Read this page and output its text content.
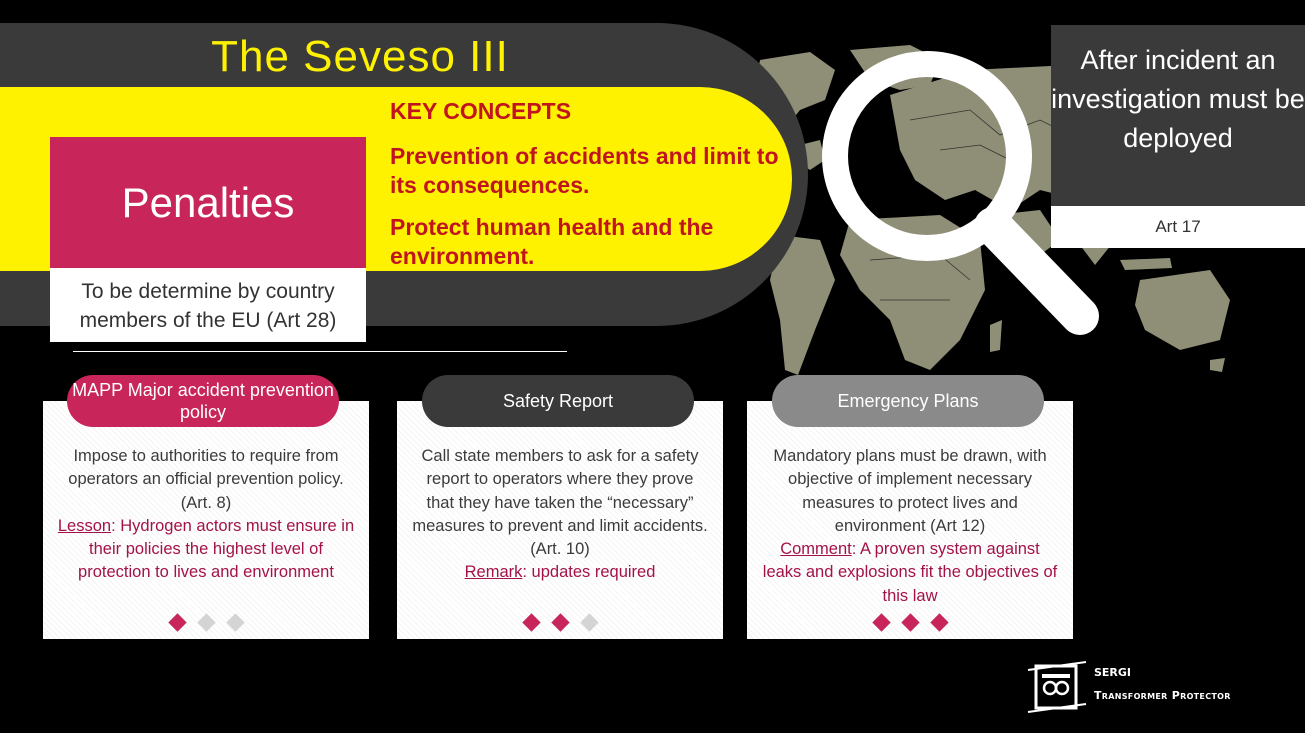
The Seveso III
Penalties
To be determine by country members of the EU (Art 28)
KEY CONCEPTS
Prevention of accidents and limit to its consequences.
Protect human health and the environment.
After incident an investigation must be deployed
Art 17
MAPP Major accident prevention policy
Impose to authorities to require from operators an official prevention policy. (Art. 8)
Lesson: Hydrogen actors must ensure in their policies the highest level of protection to lives and environment
Safety Report
Call state members to ask for a safety report to operators where they prove that they have taken the “necessary” measures to prevent and limit accidents.
(Art. 10)
Remark: updates required
Emergency Plans
Mandatory plans must be drawn, with objective of implement necessary measures to protect lives and environment (Art 12)
Comment: A proven system against leaks and explosions fit the objectives of this law
SERGI
Transformer Protector
